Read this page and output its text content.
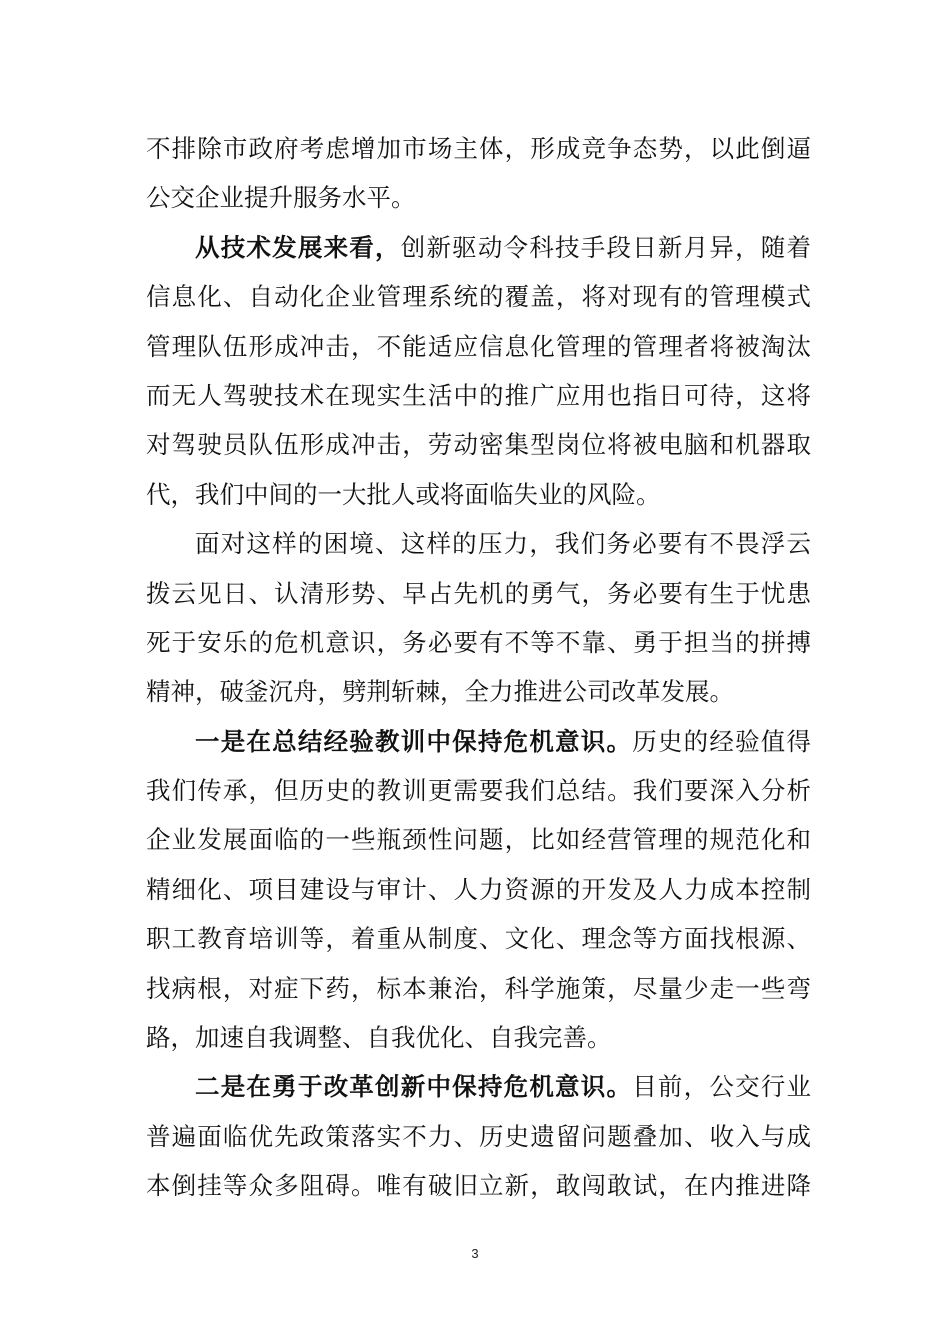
不排除市政府考虑增加市场主体，形成竞争态势，以此倒逼
公交企业提升服务水平。
从技术发展来看，创新驱动令科技手段日新月异，随着
信息化、自动化企业管理系统的覆盖，将对现有的管理模式
管理队伍形成冲击，不能适应信息化管理的管理者将被淘汰
而无人驾驶技术在现实生活中的推广应用也指日可待，这将
对驾驶员队伍形成冲击，劳动密集型岗位将被电脑和机器取
代，我们中间的一大批人或将面临失业的风险。
面对这样的困境、这样的压力，我们务必要有不畏浮云
拨云见日、认清形势、早占先机的勇气，务必要有生于忧患
死于安乐的危机意识，务必要有不等不靠、勇于担当的拼搏
精神，破釜沉舟，劈荆斩棘，全力推进公司改革发展。
一是在总结经验教训中保持危机意识。历史的经验值得
我们传承，但历史的教训更需要我们总结。我们要深入分析
企业发展面临的一些瓶颈性问题，比如经营管理的规范化和
精细化、项目建设与审计、人力资源的开发及人力成本控制
职工教育培训等，着重从制度、文化、理念等方面找根源、
找病根，对症下药，标本兼治，科学施策，尽量少走一些弯
路，加速自我调整、自我优化、自我完善。
二是在勇于改革创新中保持危机意识。目前，公交行业
普遍面临优先政策落实不力、历史遗留问题叠加、收入与成
本倒挂等众多阻碍。唯有破旧立新，敢闯敢试，在内推进降
3
